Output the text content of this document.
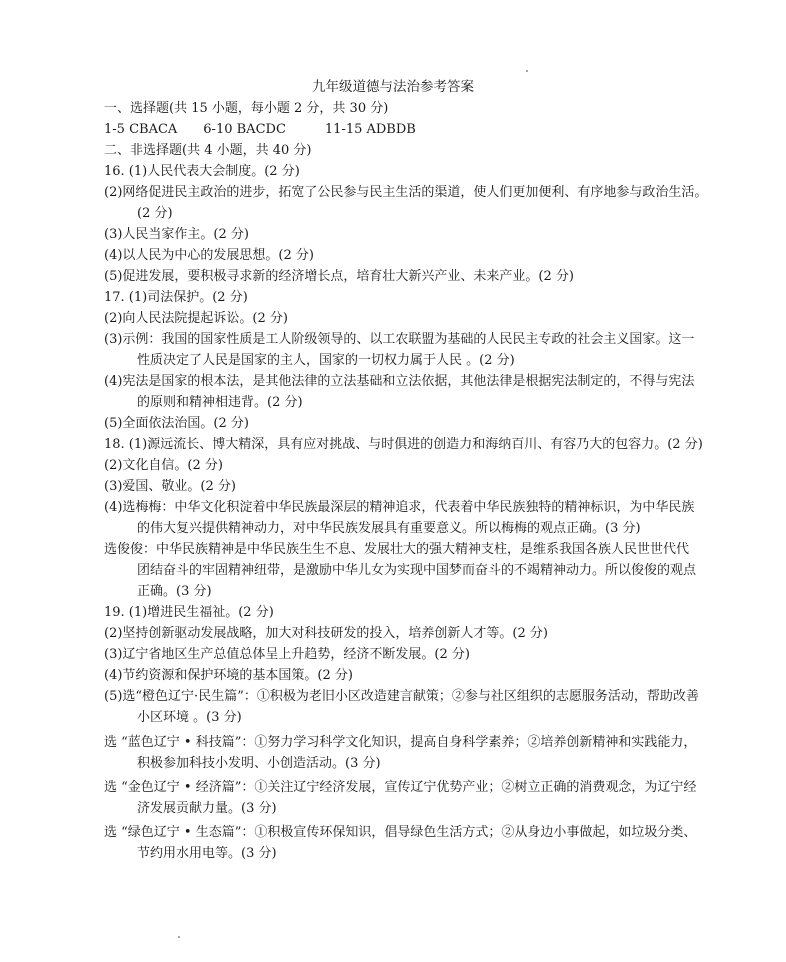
九年级道德与法治参考答案
一、选择题(共 15 小题，每小题 2 分，共 30 分)
1-5 CBACA　　6-10 BACDC　　　11-15 ADBDB
二、非选择题(共 4 小题，共 40 分)
16. (1)人民代表大会制度。(2 分)
(2)网络促进民主政治的进步，拓宽了公民参与民主生活的渠道，使人们更加便利、有序地参与政治生活。
(2 分)
(3)人民当家作主。(2 分)
(4)以人民为中心的发展思想。(2 分)
(5)促进发展，要积极寻求新的经济增长点，培育壮大新兴产业、未来产业。(2 分)
17. (1)司法保护。(2 分)
(2)向人民法院提起诉讼。(2 分)
(3)示例：我国的国家性质是工人阶级领导的、以工农联盟为基础的人民民主专政的社会主义国家。这一
性质决定了人民是国家的主人，国家的一切权力属于人民 。(2 分)
(4)宪法是国家的根本法，是其他法律的立法基础和立法依据，其他法律是根据宪法制定的，不得与宪法
的原则和精神相违背。(2 分)
(5)全面依法治国。(2 分)
18. (1)源远流长、博大精深，具有应对挑战、与时俱进的创造力和海纳百川、有容乃大的包容力。(2 分)
(2)文化自信。(2 分)
(3)爱国、敬业。(2 分)
(4)选梅梅：中华文化积淀着中华民族最深层的精神追求，代表着中华民族独特的精神标识，为中华民族
的伟大复兴提供精神动力，对中华民族发展具有重要意义。所以梅梅的观点正确。(3 分)
选俊俊：中华民族精神是中华民族生生不息、发展壮大的强大精神支柱，是维系我国各族人民世世代代
团结奋斗的牢固精神纽带，是激励中华儿女为实现中国梦而奋斗的不竭精神动力。所以俊俊的观点
正确。(3 分)
19. (1)增进民生福祉。(2 分)
(2)坚持创新驱动发展战略，加大对科技研发的投入，培养创新人才等。(2 分)
(3)辽宁省地区生产总值总体呈上升趋势，经济不断发展。(2 分)
(4)节约资源和保护环境的基本国策。(2 分)
(5)选“橙色辽宁·民生篇”：①积极为老旧小区改造建言献策；②参与社区组织的志愿服务活动，帮助改善
小区环境 。(3 分)
选 “蓝色辽宁 • 科技篇”：①努力学习科学文化知识，提高自身科学素养；②培养创新精神和实践能力，
积极参加科技小发明、小创造活动。(3 分)
选 “金色辽宁 • 经济篇”：①关注辽宁经济发展，宣传辽宁优势产业；②树立正确的消费观念，为辽宁经
济发展贡献力量。(3 分)
选 “绿色辽宁 • 生态篇”：①积极宣传环保知识，倡导绿色生活方式；②从身边小事做起，如垃圾分类、
节约用水用电等。(3 分)
